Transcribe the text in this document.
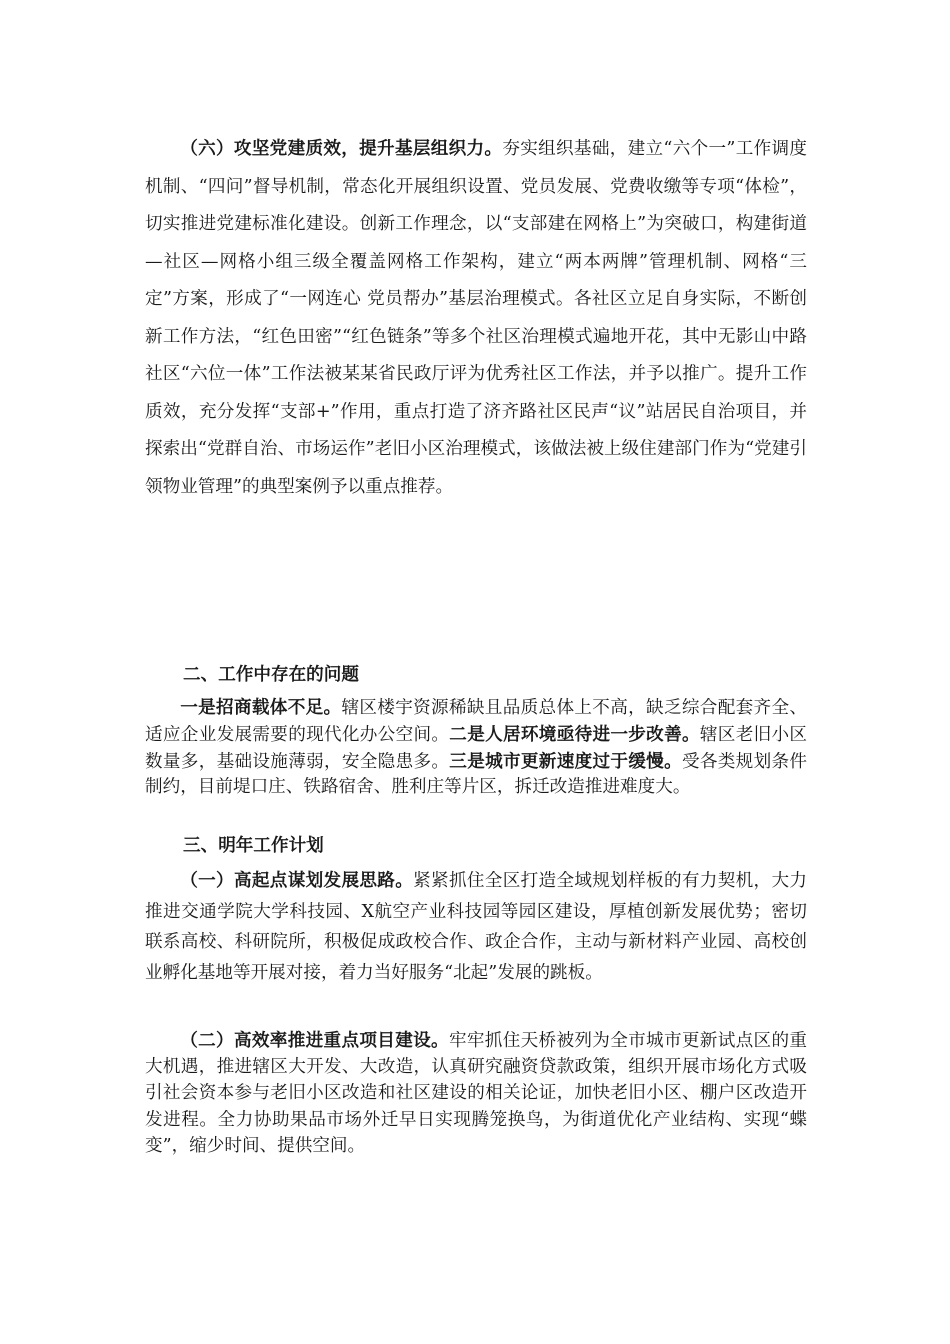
（六）攻坚党建质效，提升基层组织力。夯实组织基础，建立“六个一”工作调度机制、“四问”督导机制，常态化开展组织设置、党员发展、党费收缴等专项“体检”，切实推进党建标准化建设。创新工作理念，以“支部建在网格上”为突破口，构建街道—社区—网格小组三级全覆盖网格工作架构，建立“两本两牌”管理机制、网格“三定”方案，形成了“一网连心 党员帮办”基层治理模式。各社区立足自身实际，不断创新工作方法，“红色田密”“红色链条”等多个社区治理模式遍地开花，其中无影山中路社区“六位一体”工作法被某某省民政厅评为优秀社区工作法，并予以推广。提升工作质效，充分发挥“支部+”作用，重点打造了济齐路社区民声“议”站居民自治项目，并探索出“党群自治、市场运作”老旧小区治理模式，该做法被上级住建部门作为“党建引领物业管理”的典型案例予以重点推荐。

二、工作中存在的问题

一是招商载体不足。辖区楼宇资源稀缺且品质总体上不高，缺乏综合配套齐全、适应企业发展需要的现代化办公空间。二是人居环境亟待进一步改善。辖区老旧小区数量多，基础设施薄弱，安全隐患多。三是城市更新速度过于缓慢。受各类规划条件制约，目前堤口庄、铁路宿舍、胜利庄等片区，拆迁改造推进难度大。

三、明年工作计划

（一）高起点谋划发展思路。紧紧抓住全区打造全域规划样板的有力契机，大力推进交通学院大学科技园、X航空产业科技园等园区建设，厚植创新发展优势；密切联系高校、科研院所，积极促成政校合作、政企合作，主动与新材料产业园、高校创业孵化基地等开展对接，着力当好服务“北起”发展的跳板。

（二）高效率推进重点项目建设。牢牢抓住天桥被列为全市城市更新试点区的重大机遇，推进辖区大开发、大改造，认真研究融资贷款政策，组织开展市场化方式吸引社会资本参与老旧小区改造和社区建设的相关论证，加快老旧小区、棚户区改造开发进程。全力协助果品市场外迁早日实现腾笼换鸟，为街道优化产业结构、实现“蝶变”，缩少时间、提供空间。
